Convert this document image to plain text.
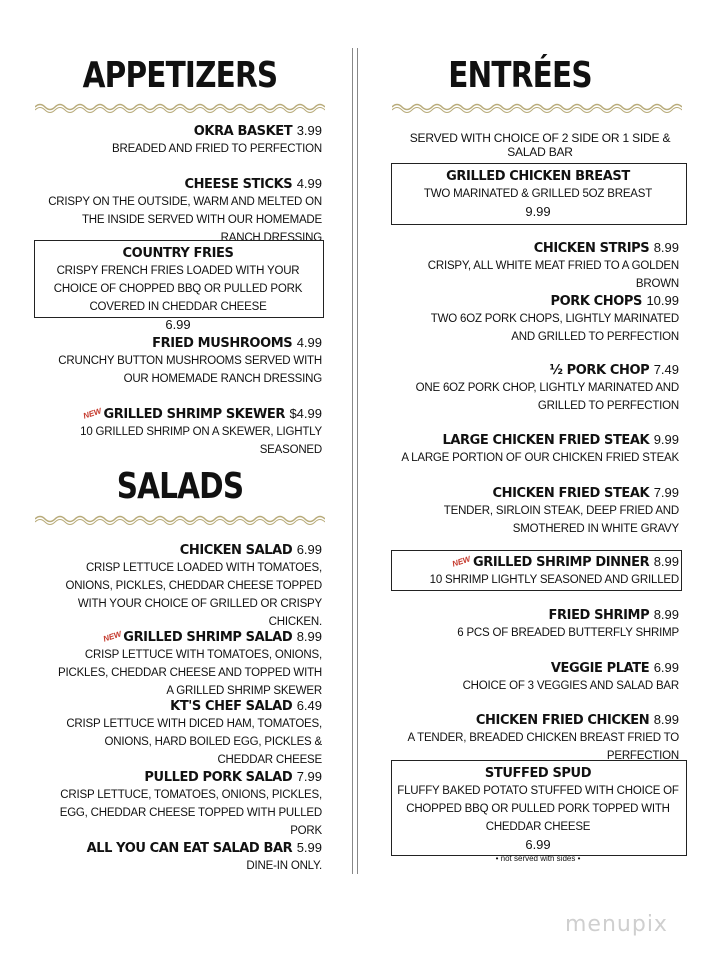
APPETIZERS
OKRA BASKET 3.99
BREADED AND FRIED TO PERFECTION
CHEESE STICKS 4.99
CRISPY ON THE OUTSIDE, WARM AND MELTED ON THE INSIDE SERVED WITH OUR HOMEMADE RANCH DRESSING
COUNTRY FRIES
CRISPY FRENCH FRIES LOADED WITH YOUR CHOICE OF CHOPPED BBQ OR PULLED PORK COVERED IN CHEDDAR CHEESE
6.99
FRIED MUSHROOMS 4.99
CRUNCHY BUTTON MUSHROOMS SERVED WITH OUR HOMEMADE RANCH DRESSING
NEWGRILLED SHRIMP SKEWER $4.99
10 GRILLED SHRIMP ON A SKEWER, LIGHTLY SEASONED
SALADS
CHICKEN SALAD 6.99
CRISP LETTUCE LOADED WITH TOMATOES, ONIONS, PICKLES, CHEDDAR CHEESE TOPPED WITH YOUR CHOICE OF GRILLED OR CRISPY CHICKEN.
NEWGRILLED SHRIMP SALAD 8.99
CRISP LETTUCE WITH TOMATOES, ONIONS, PICKLES, CHEDDAR CHEESE AND TOPPED WITH A GRILLED SHRIMP SKEWER
KT'S CHEF SALAD 6.49
CRISP LETTUCE WITH DICED HAM, TOMATOES, ONIONS, HARD BOILED EGG, PICKLES & CHEDDAR CHEESE
PULLED PORK SALAD 7.99
CRISP LETTUCE, TOMATOES, ONIONS, PICKLES, EGG, CHEDDAR CHEESE TOPPED WITH PULLED PORK
ALL YOU CAN EAT SALAD BAR 5.99
DINE-IN ONLY.
ENTRÉES
SERVED WITH CHOICE OF 2 SIDE OR 1 SIDE & SALAD BAR
GRILLED CHICKEN BREAST
TWO MARINATED & GRILLED 5OZ BREAST
9.99
CHICKEN STRIPS 8.99
CRISPY, ALL WHITE MEAT FRIED TO A GOLDEN BROWN
PORK CHOPS 10.99
TWO 6OZ PORK CHOPS, LIGHTLY MARINATED AND GRILLED TO PERFECTION
½ PORK CHOP 7.49
ONE 6OZ PORK CHOP, LIGHTLY MARINATED AND GRILLED TO PERFECTION
LARGE CHICKEN FRIED STEAK 9.99
A LARGE PORTION OF OUR CHICKEN FRIED STEAK
CHICKEN FRIED STEAK 7.99
TENDER, SIRLOIN STEAK, DEEP FRIED AND SMOTHERED IN WHITE GRAVY
NEWGRILLED SHRIMP DINNER 8.99
10 SHRIMP LIGHTLY SEASONED AND GRILLED
FRIED SHRIMP 8.99
6 PCS OF BREADED BUTTERFLY SHRIMP
VEGGIE PLATE 6.99
CHOICE OF 3 VEGGIES AND SALAD BAR
CHICKEN FRIED CHICKEN 8.99
A TENDER, BREADED CHICKEN BREAST FRIED TO PERFECTION
STUFFED SPUD
FLUFFY BAKED POTATO STUFFED WITH CHOICE OF CHOPPED BBQ OR PULLED PORK TOPPED WITH CHEDDAR CHEESE
6.99
• not served with sides •
menupix
